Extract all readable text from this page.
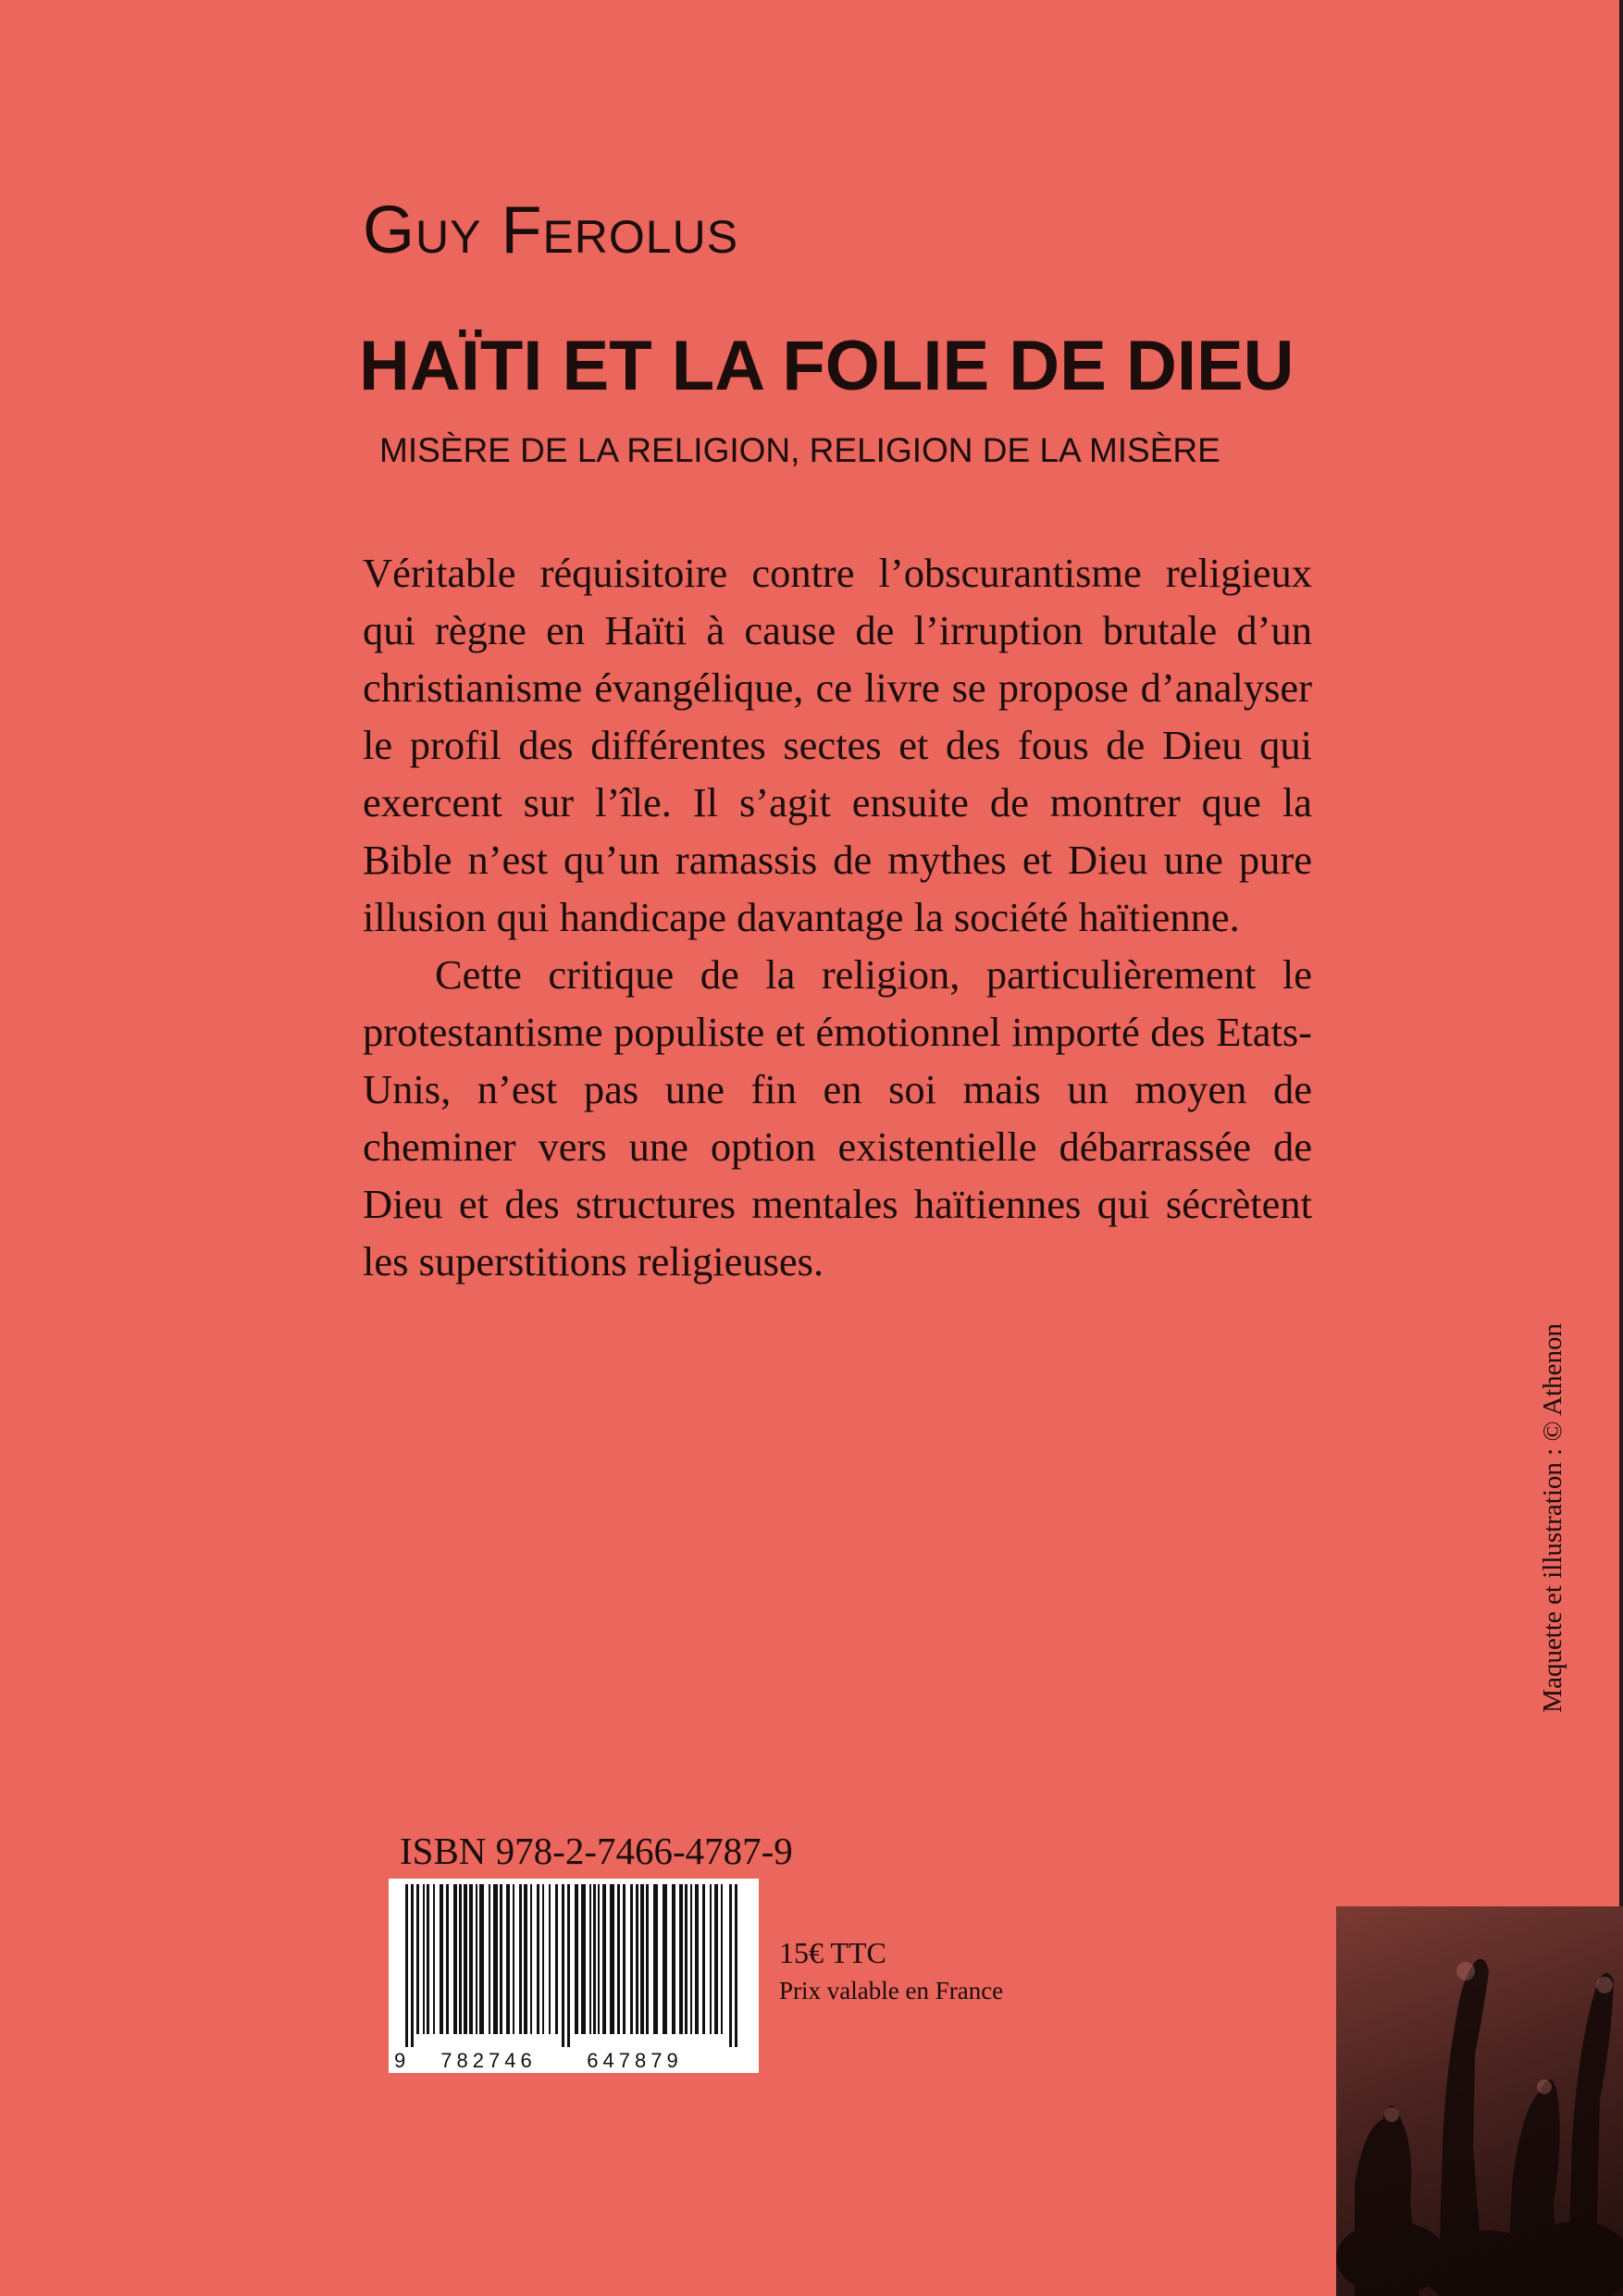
Guy Ferolus
HAÏTI ET LA FOLIE DE DIEU
MISÈRE DE LA RELIGION, RELIGION DE LA MISÈRE

Véritable réquisitoire contre l’obscurantisme religieux qui règne en Haïti à cause de l’irruption brutale d’un christianisme évangélique, ce livre se propose d’analyser le profil des différentes sectes et des fous de Dieu qui exercent sur l’île. Il s’agit ensuite de montrer que la Bible n’est qu’un ramassis de mythes et Dieu une pure illusion qui handicape davantage la société haïtienne.

Cette critique de la religion, particulièrement le protestantisme populiste et émotionnel importé des Etats-Unis, n’est pas une fin en soi mais un moyen de cheminer vers une option existentielle débarrassée de Dieu et des structures mentales haïtiennes qui sécrètent les superstitions religieuses.

Maquette et illustration : © Athenon
ISBN 978-2-7466-4787-9
9 782746 647879
15€ TTC
Prix valable en France
